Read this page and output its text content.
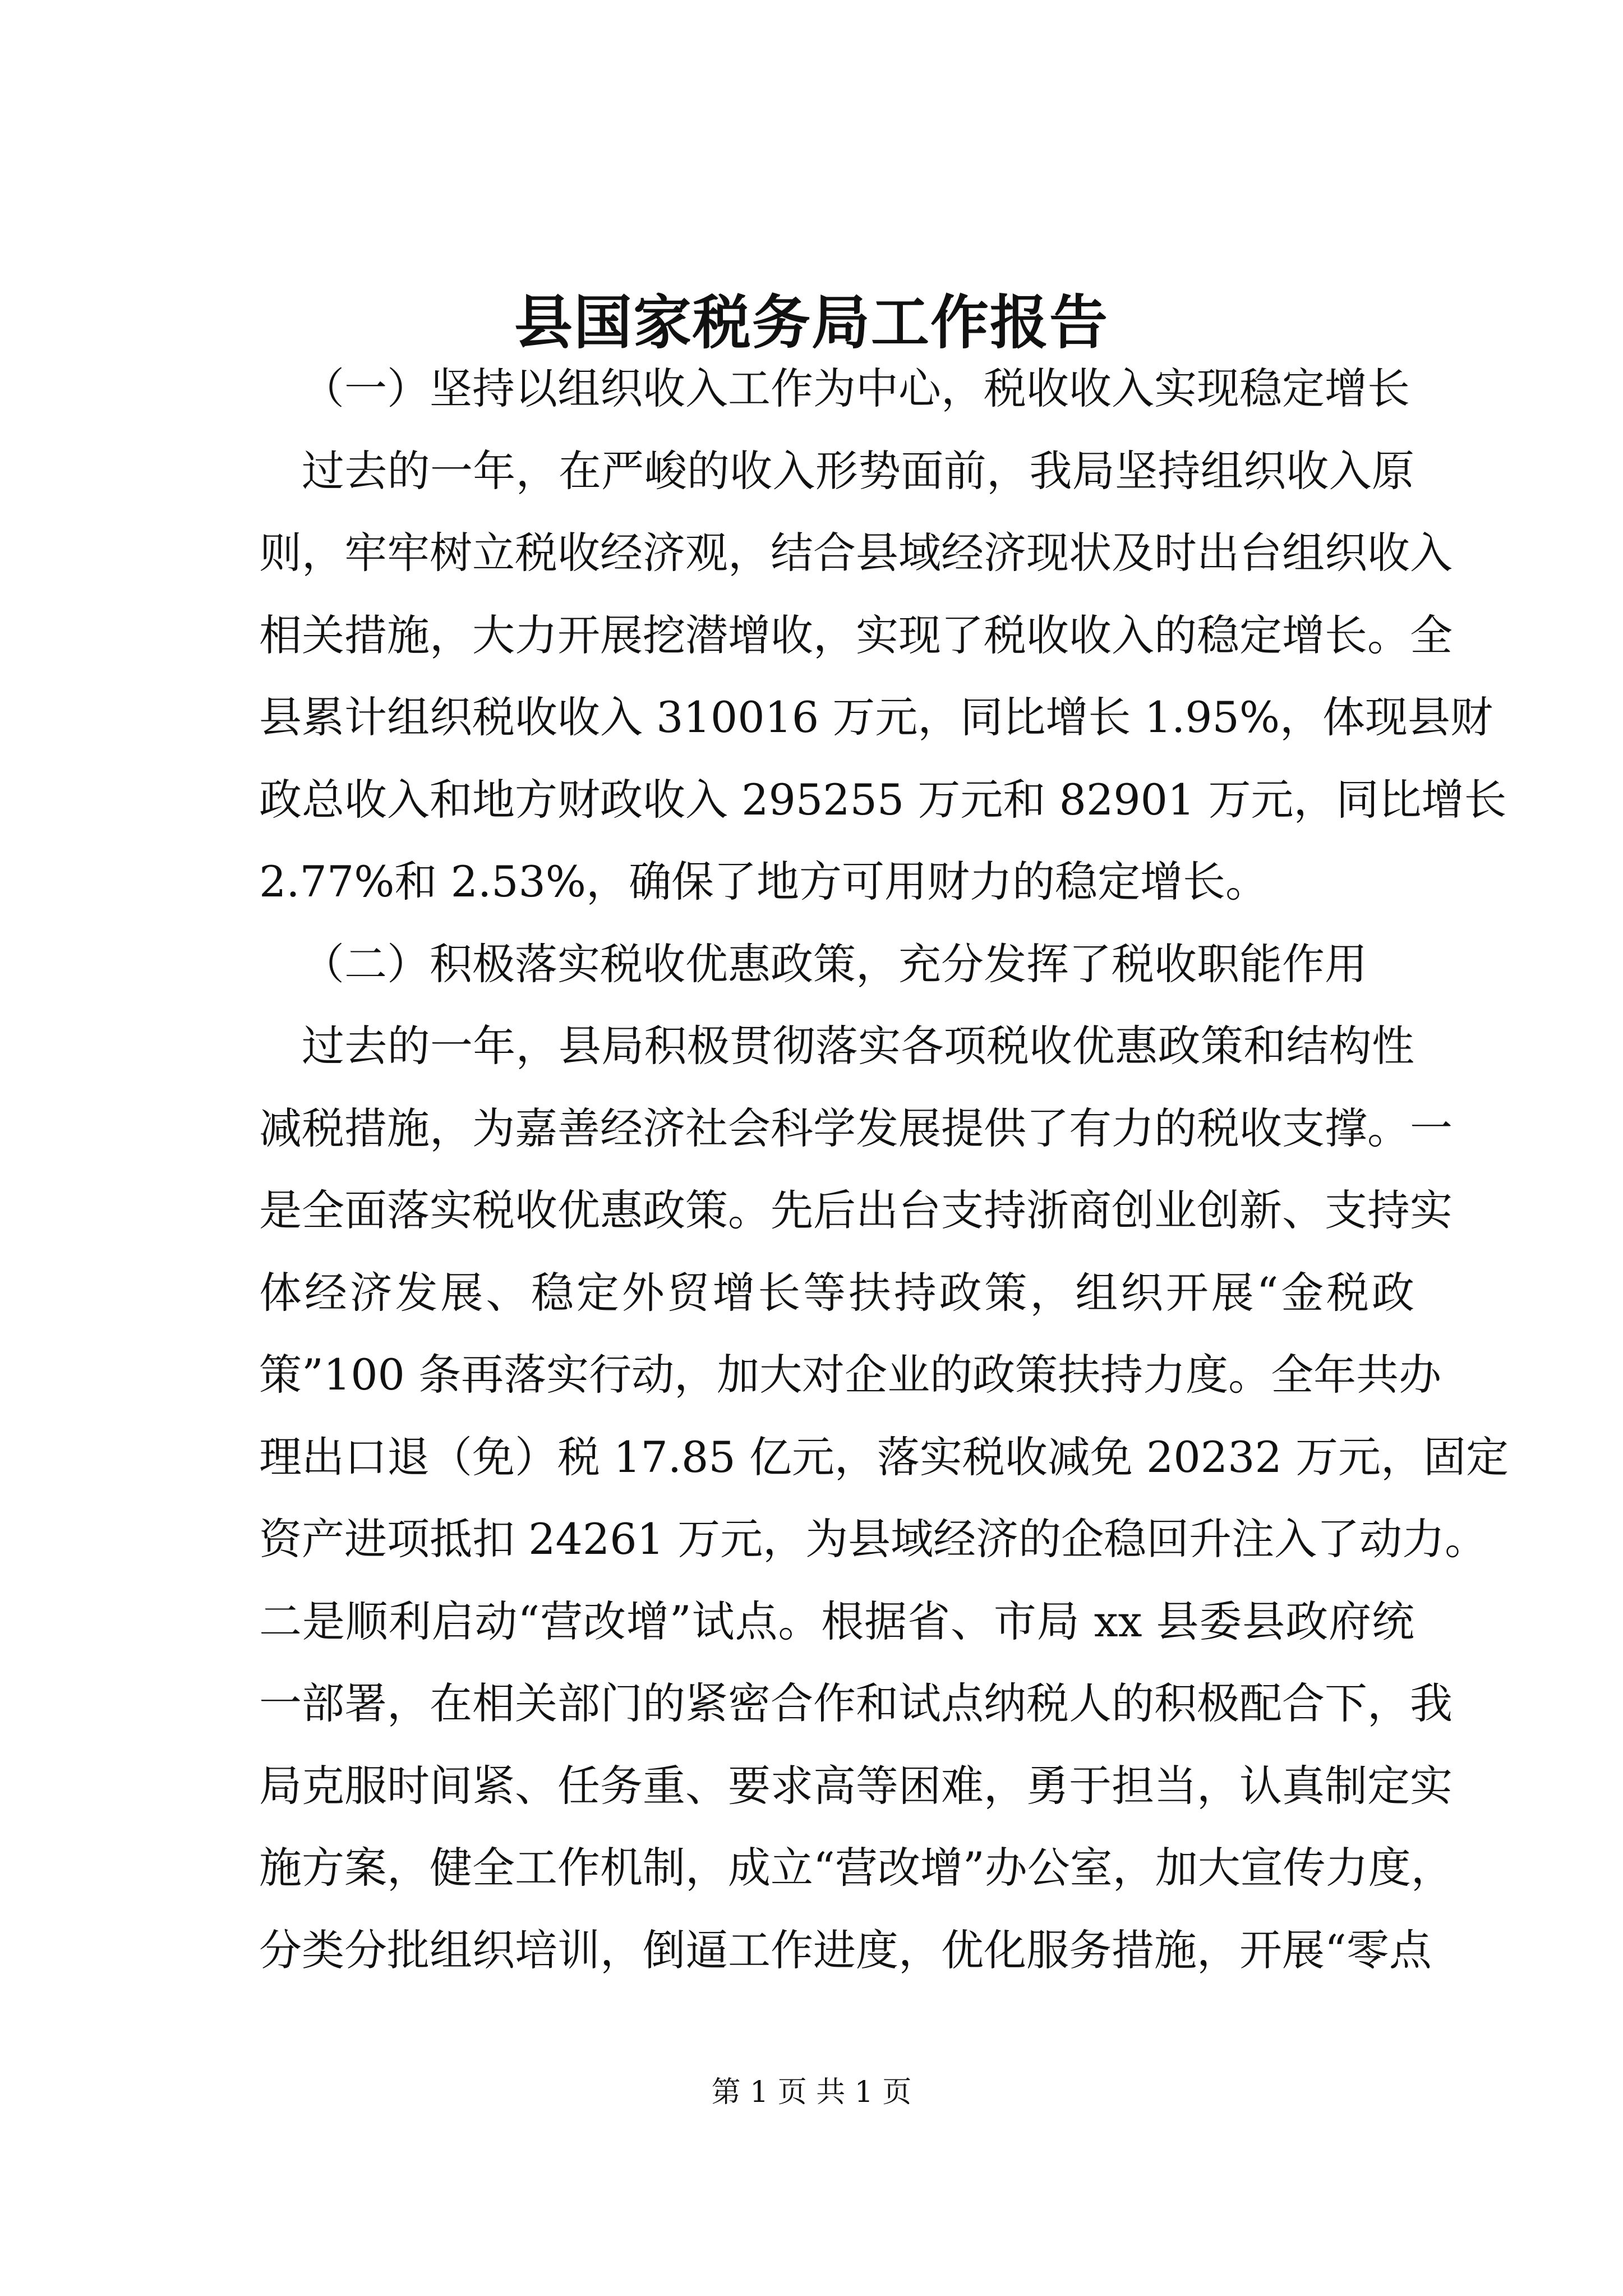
县国家税务局工作报告
（一）坚持以组织收入工作为中心，税收收入实现稳定增长
过去的一年，在严峻的收入形势面前，我局坚持组织收入原
则，牢牢树立税收经济观，结合县域经济现状及时出台组织收入
相关措施，大力开展挖潜增收，实现了税收收入的稳定增长。全
县累计组织税收收入 310016 万元，同比增长 1.95%，体现县财
政总收入和地方财政收入 295255 万元和 82901 万元，同比增长
2.77%和 2.53%，确保了地方可用财力的稳定增长。
（二）积极落实税收优惠政策，充分发挥了税收职能作用
过去的一年，县局积极贯彻落实各项税收优惠政策和结构性
减税措施，为嘉善经济社会科学发展提供了有力的税收支撑。一
是全面落实税收优惠政策。先后出台支持浙商创业创新、支持实
体经济发展、稳定外贸增长等扶持政策，组织开展“金税政
策”100 条再落实行动，加大对企业的政策扶持力度。全年共办
理出口退（免）税 17.85 亿元，落实税收减免 20232 万元，固定
资产进项抵扣 24261 万元，为县域经济的企稳回升注入了动力。
二是顺利启动“营改增”试点。根据省、市局 xx 县委县政府统
一部署，在相关部门的紧密合作和试点纳税人的积极配合下，我
局克服时间紧、任务重、要求高等困难，勇于担当，认真制定实
施方案，健全工作机制，成立“营改增”办公室，加大宣传力度，
分类分批组织培训，倒逼工作进度，优化服务措施，开展“零点
第 1 页 共 1 页
